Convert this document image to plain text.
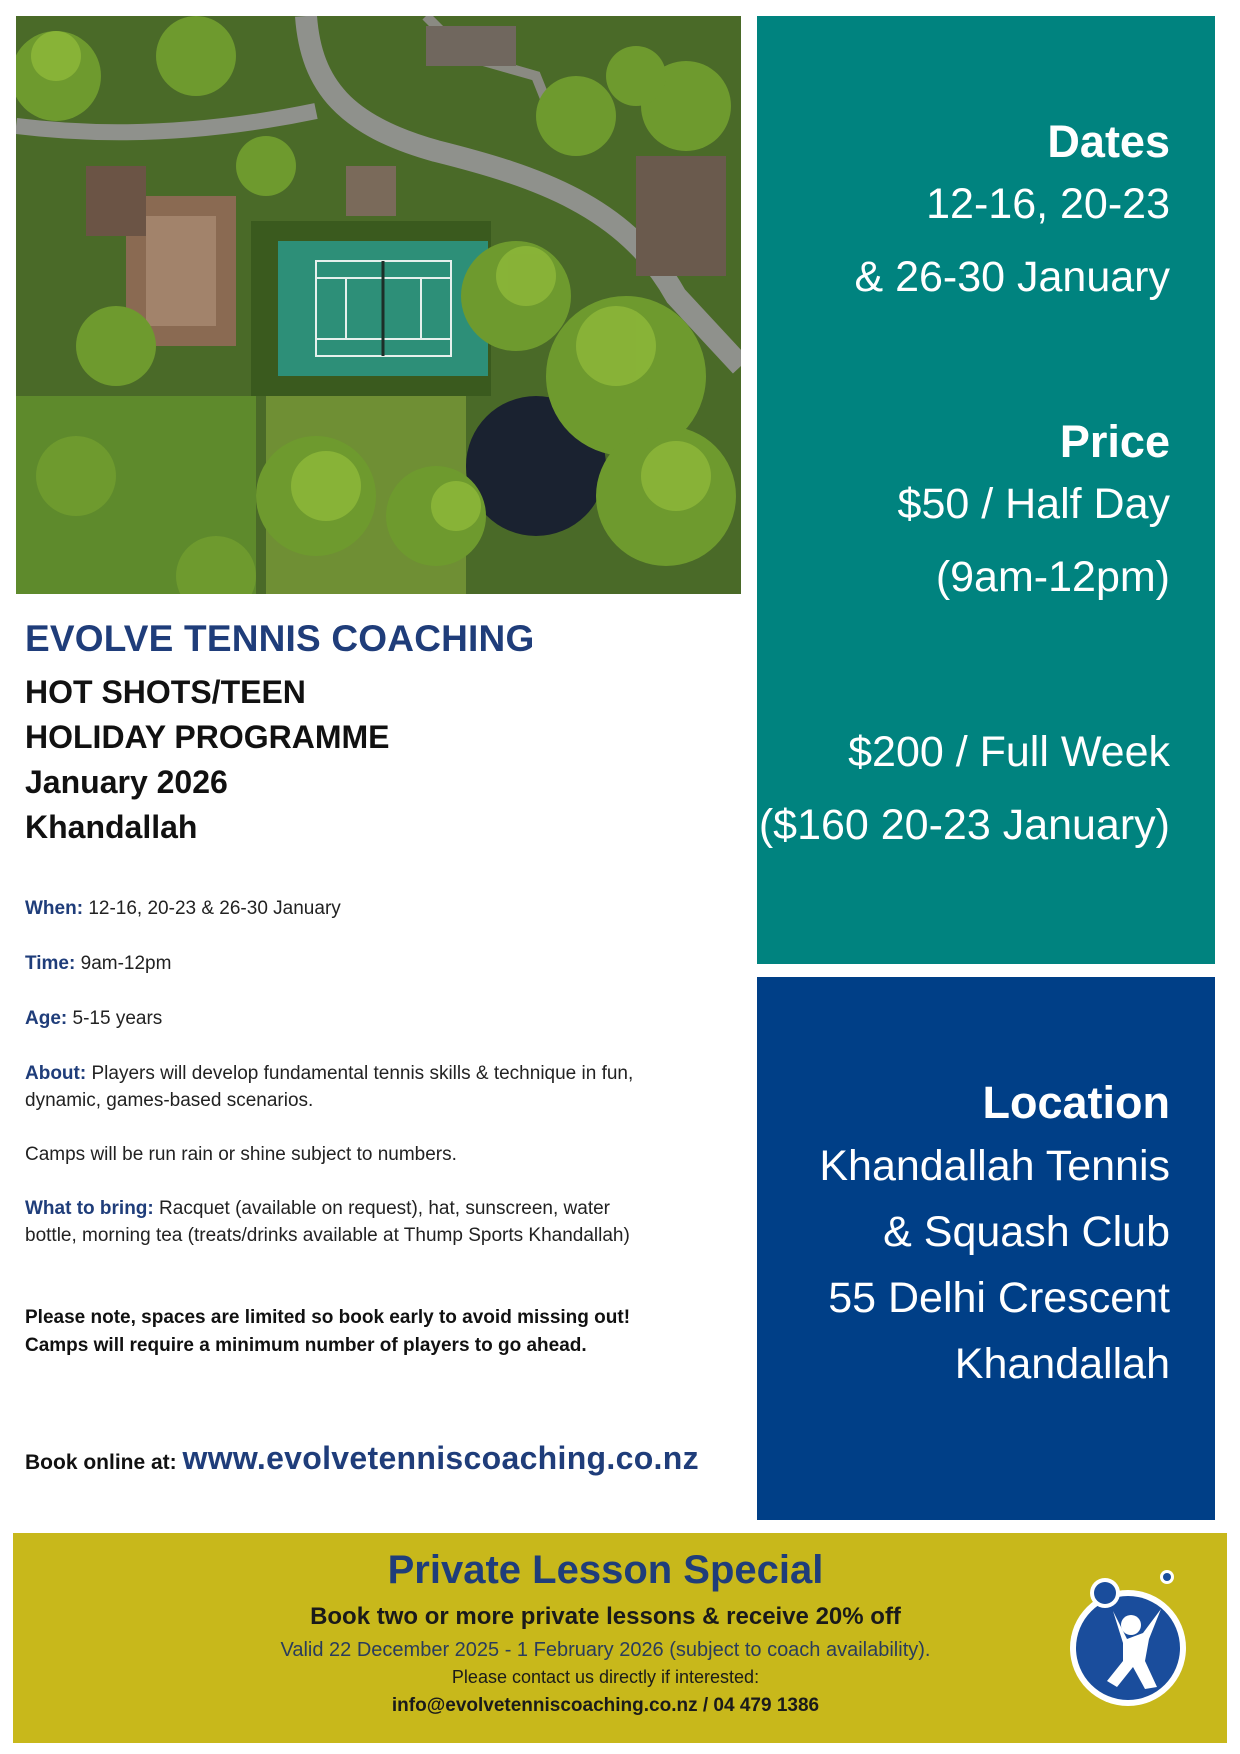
EVOLVE TENNIS COACHING
HOT SHOTS/TEEN
HOLIDAY PROGRAMME
January 2026
Khandallah

When: 12-16, 20-23 & 26-30 January

Time: 9am-12pm

Age: 5-15 years

About: Players will develop fundamental tennis skills & technique in fun, dynamic, games-based scenarios.

Camps will be run rain or shine subject to numbers.

What to bring: Racquet (available on request), hat, sunscreen, water bottle, morning tea (treats/drinks available at Thump Sports Khandallah)

Please note, spaces are limited so book early to avoid missing out!

Camps will require a minimum number of players to go ahead.

Book online at: www.evolvetenniscoaching.co.nz
Dates
12-16, 20-23
& 26-30 January
Price
$50 / Half Day
(9am-12pm)
$200 / Full Week
($160 20-23 January)
Location
Khandallah Tennis
& Squash Club
55 Delhi Crescent
Khandallah
Private Lesson Special
Book two or more private lessons & receive 20% off
Valid 22 December 2025 - 1 February 2026 (subject to coach availability).
Please contact us directly if interested:
info@evolvetenniscoaching.co.nz / 04 479 1386
